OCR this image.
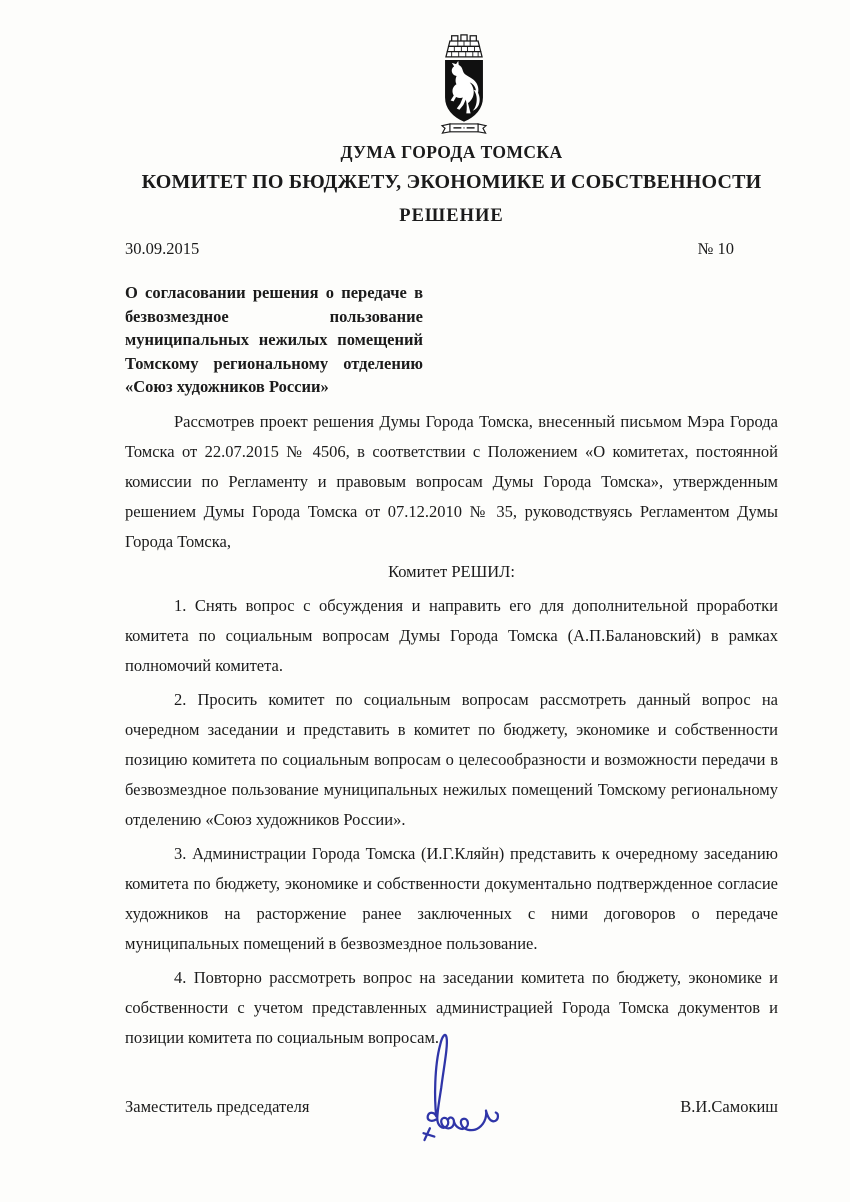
ДУМА ГОРОДА ТОМСКА
КОМИТЕТ ПО БЮДЖЕТУ, ЭКОНОМИКЕ И СОБСТВЕННОСТИ
РЕШЕНИЕ
30.09.2015	№ 10

О согласовании решения о передаче в безвозмездное пользование муниципальных нежилых помещений Томскому региональному отделению «Союз художников России»

Рассмотрев проект решения Думы Города Томска, внесенный письмом Мэра Города Томска от 22.07.2015 № 4506, в соответствии с Положением «О комитетах, постоянной комиссии по Регламенту и правовым вопросам Думы Города Томска», утвержденным решением Думы Города Томска от 07.12.2010 № 35, руководствуясь Регламентом Думы Города Томска,

Комитет РЕШИЛ:

1. Снять вопрос с обсуждения и направить его для дополнительной проработки комитета по социальным вопросам Думы Города Томска (А.П.Балановский) в рамках полномочий комитета.

2. Просить комитет по социальным вопросам рассмотреть данный вопрос на очередном заседании и представить в комитет по бюджету, экономике и собственности позицию комитета по социальным вопросам о целесообразности и возможности передачи в безвозмездное пользование муниципальных нежилых помещений Томскому региональному отделению «Союз художников России».

3. Администрации Города Томска (И.Г.Кляйн) представить к очередному заседанию комитета по бюджету, экономике и собственности документально подтвержденное согласие художников на расторжение ранее заключенных с ними договоров о передаче муниципальных помещений в безвозмездное пользование.

4. Повторно рассмотреть вопрос на заседании комитета по бюджету, экономике и собственности с учетом представленных администрацией Города Томска документов и позиции комитета по социальным вопросам.

Заместитель председателя	В.И.Самокиш
